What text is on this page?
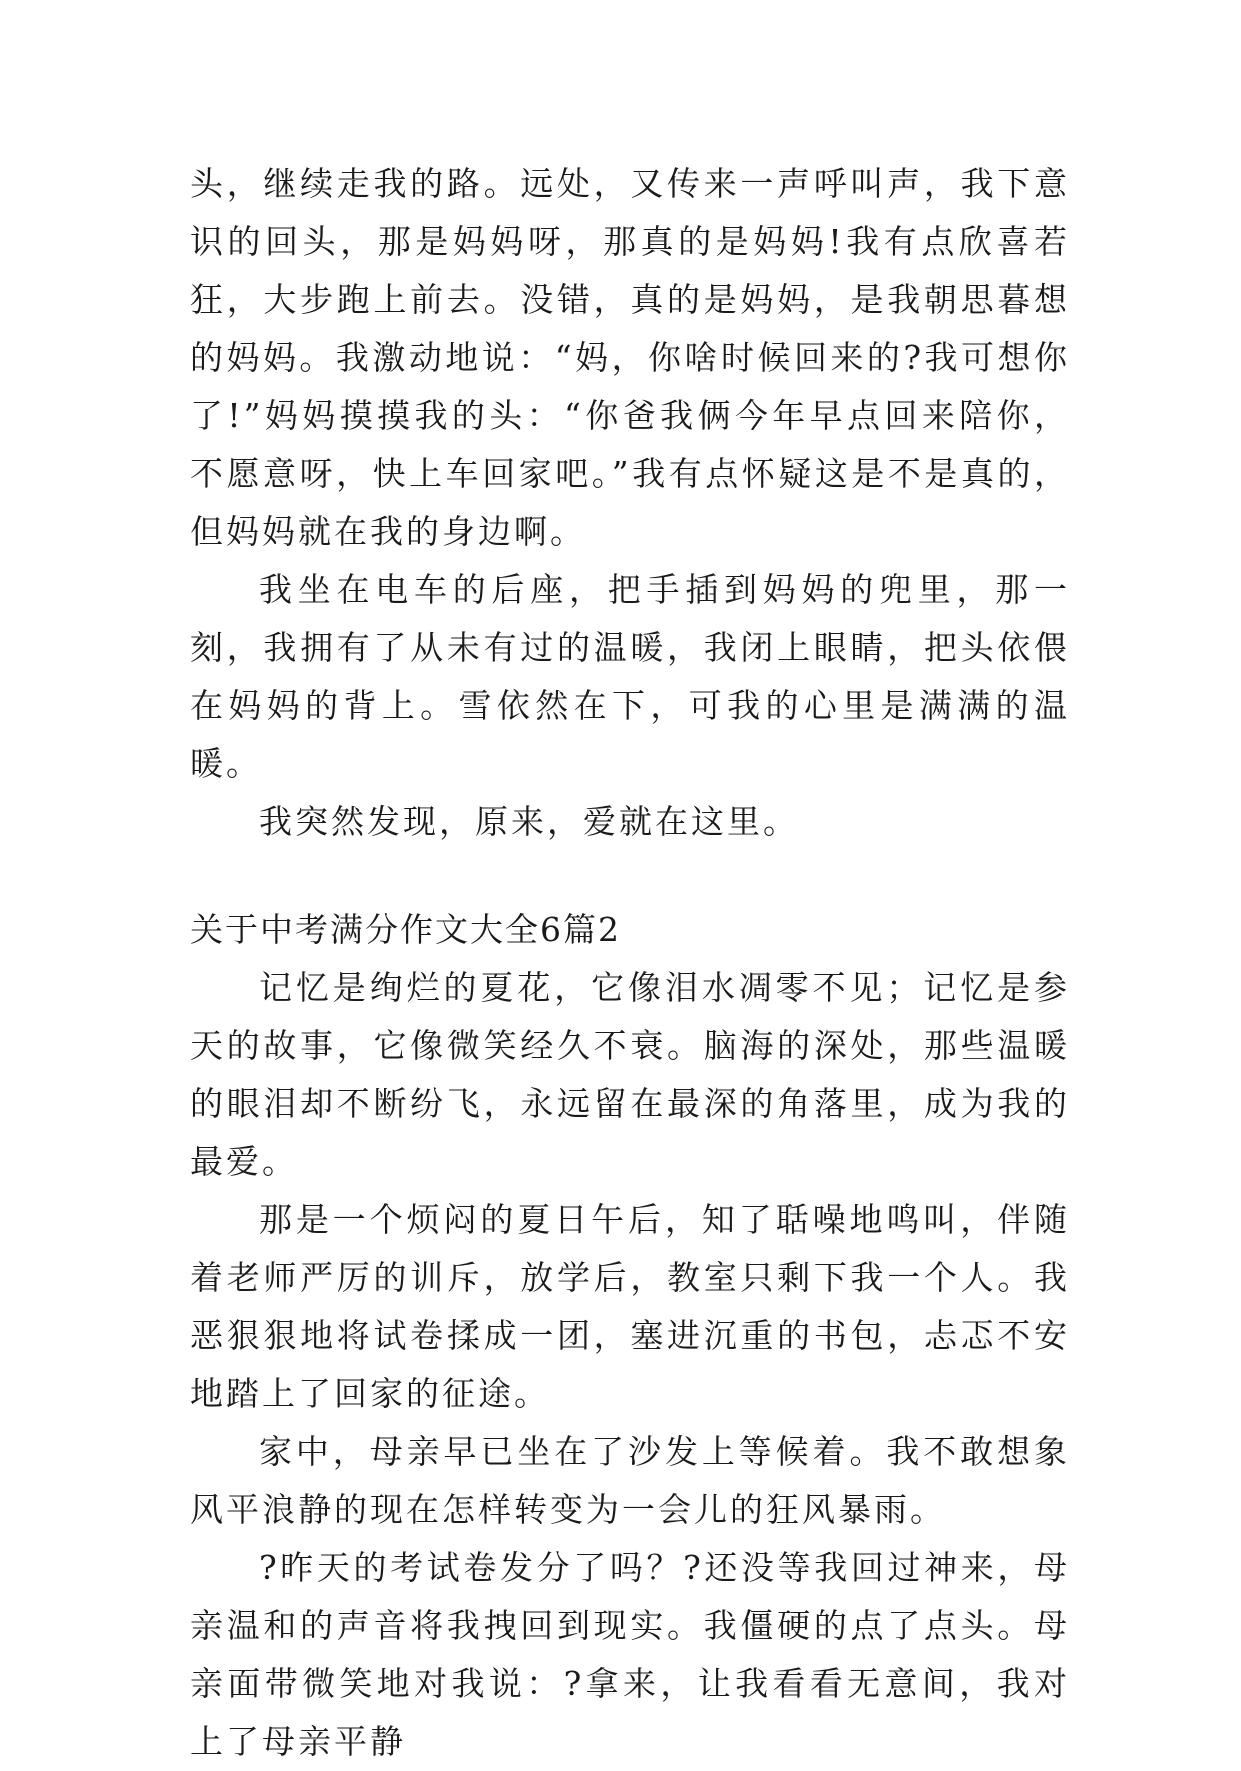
头，继续走我的路。远处，又传来一声呼叫声，我下意识的回头，那是妈妈呀，那真的是妈妈!我有点欣喜若狂，大步跑上前去。没错，真的是妈妈，是我朝思暮想的妈妈。我激动地说：“妈，你啥时候回来的?我可想你了!”妈妈摸摸我的头：“你爸我俩今年早点回来陪你，不愿意呀，快上车回家吧。”我有点怀疑这是不是真的，但妈妈就在我的身边啊。

我坐在电车的后座，把手插到妈妈的兜里，那一刻，我拥有了从未有过的温暖，我闭上眼睛，把头依偎在妈妈的背上。雪依然在下，可我的心里是满满的温暖。

我突然发现，原来，爱就在这里。

关于中考满分作文大全6篇2

记忆是绚烂的夏花，它像泪水凋零不见；记忆是参天的故事，它像微笑经久不衰。脑海的深处，那些温暖的眼泪却不断纷飞，永远留在最深的角落里，成为我的最爱。

那是一个烦闷的夏日午后，知了聒噪地鸣叫，伴随着老师严厉的训斥，放学后，教室只剩下我一个人。我恶狠狠地将试卷揉成一团，塞进沉重的书包，忐忑不安地踏上了回家的征途。

家中，母亲早已坐在了沙发上等候着。我不敢想象风平浪静的现在怎样转变为一会儿的狂风暴雨。

?昨天的考试卷发分了吗？?还没等我回过神来，母亲温和的声音将我拽回到现实。我僵硬的点了点头。母亲面带微笑地对我说：?拿来，让我看看无意间，我对上了母亲平静
